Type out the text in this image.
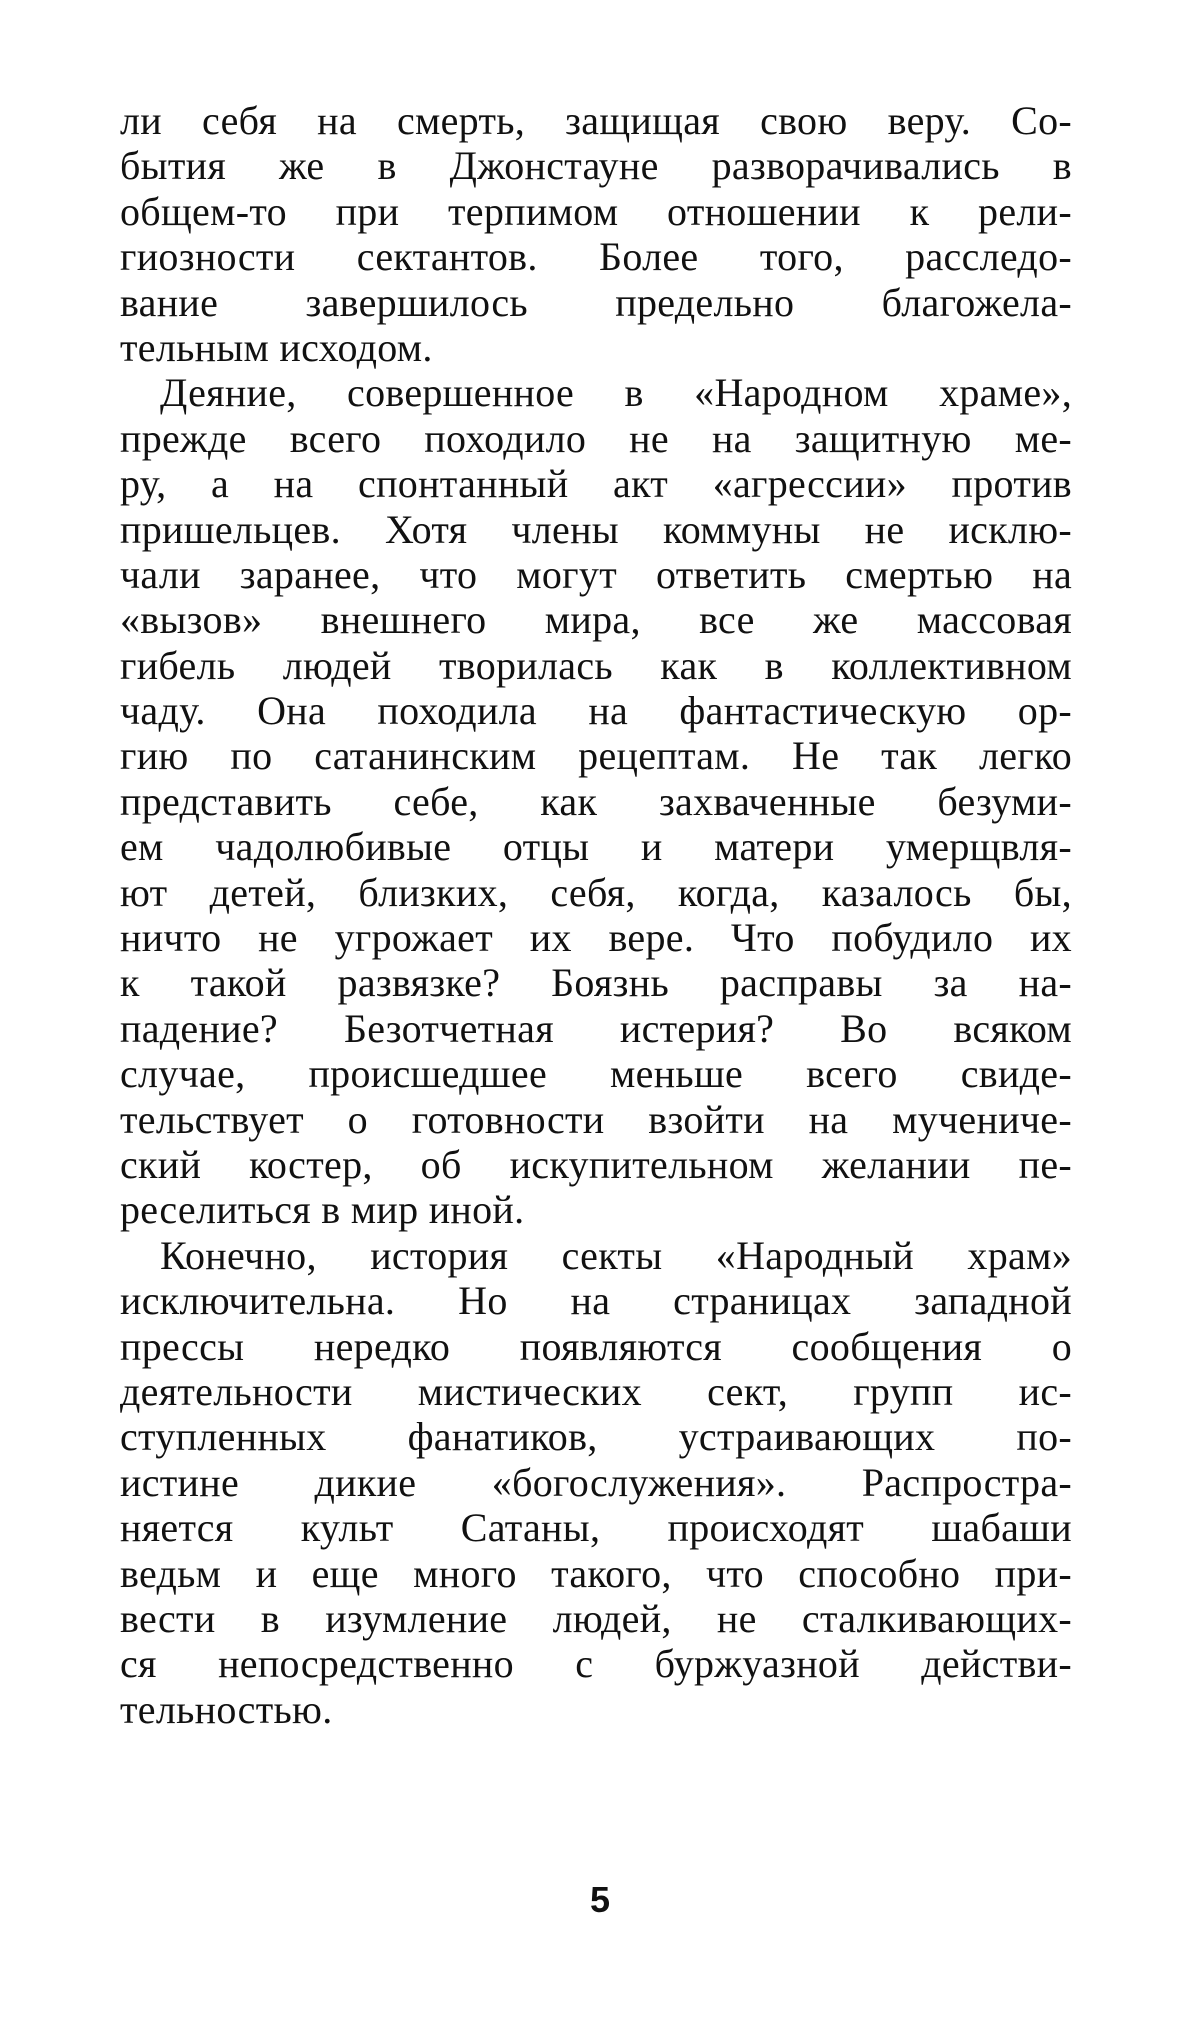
ли себя на смерть, защищая свою веру. Со-
бытия же в Джонстауне разворачивались в
общем-то при терпимом отношении к рели-
гиозности сектантов. Более того, расследо-
вание завершилось предельно благожела-
тельным исходом.
Деяние, совершенное в «Народном храме»,
прежде всего походило не на защитную ме-
ру, а на спонтанный акт «агрессии» против
пришельцев. Хотя члены коммуны не исклю-
чали заранее, что могут ответить смертью на
«вызов» внешнего мира, все же массовая
гибель людей творилась как в коллективном
чаду. Она походила на фантастическую ор-
гию по сатанинским рецептам. Не так легко
представить себе, как захваченные безуми-
ем чадолюбивые отцы и матери умерщвля-
ют детей, близких, себя, когда, казалось бы,
ничто не угрожает их вере. Что побудило их
к такой развязке? Боязнь расправы за на-
падение? Безотчетная истерия? Во всяком
случае, происшедшее меньше всего свиде-
тельствует о готовности взойти на мучениче-
ский костер, об искупительном желании пе-
реселиться в мир иной.
Конечно, история секты «Народный храм»
исключительна. Но на страницах западной
прессы нередко появляются сообщения о
деятельности мистических сект, групп ис-
ступленных фанатиков, устраивающих по-
истине дикие «богослужения». Распростра-
няется культ Сатаны, происходят шабаши
ведьм и еще много такого, что способно при-
вести в изумление людей, не сталкивающих-
ся непосредственно с буржуазной действи-
тельностью.
5
